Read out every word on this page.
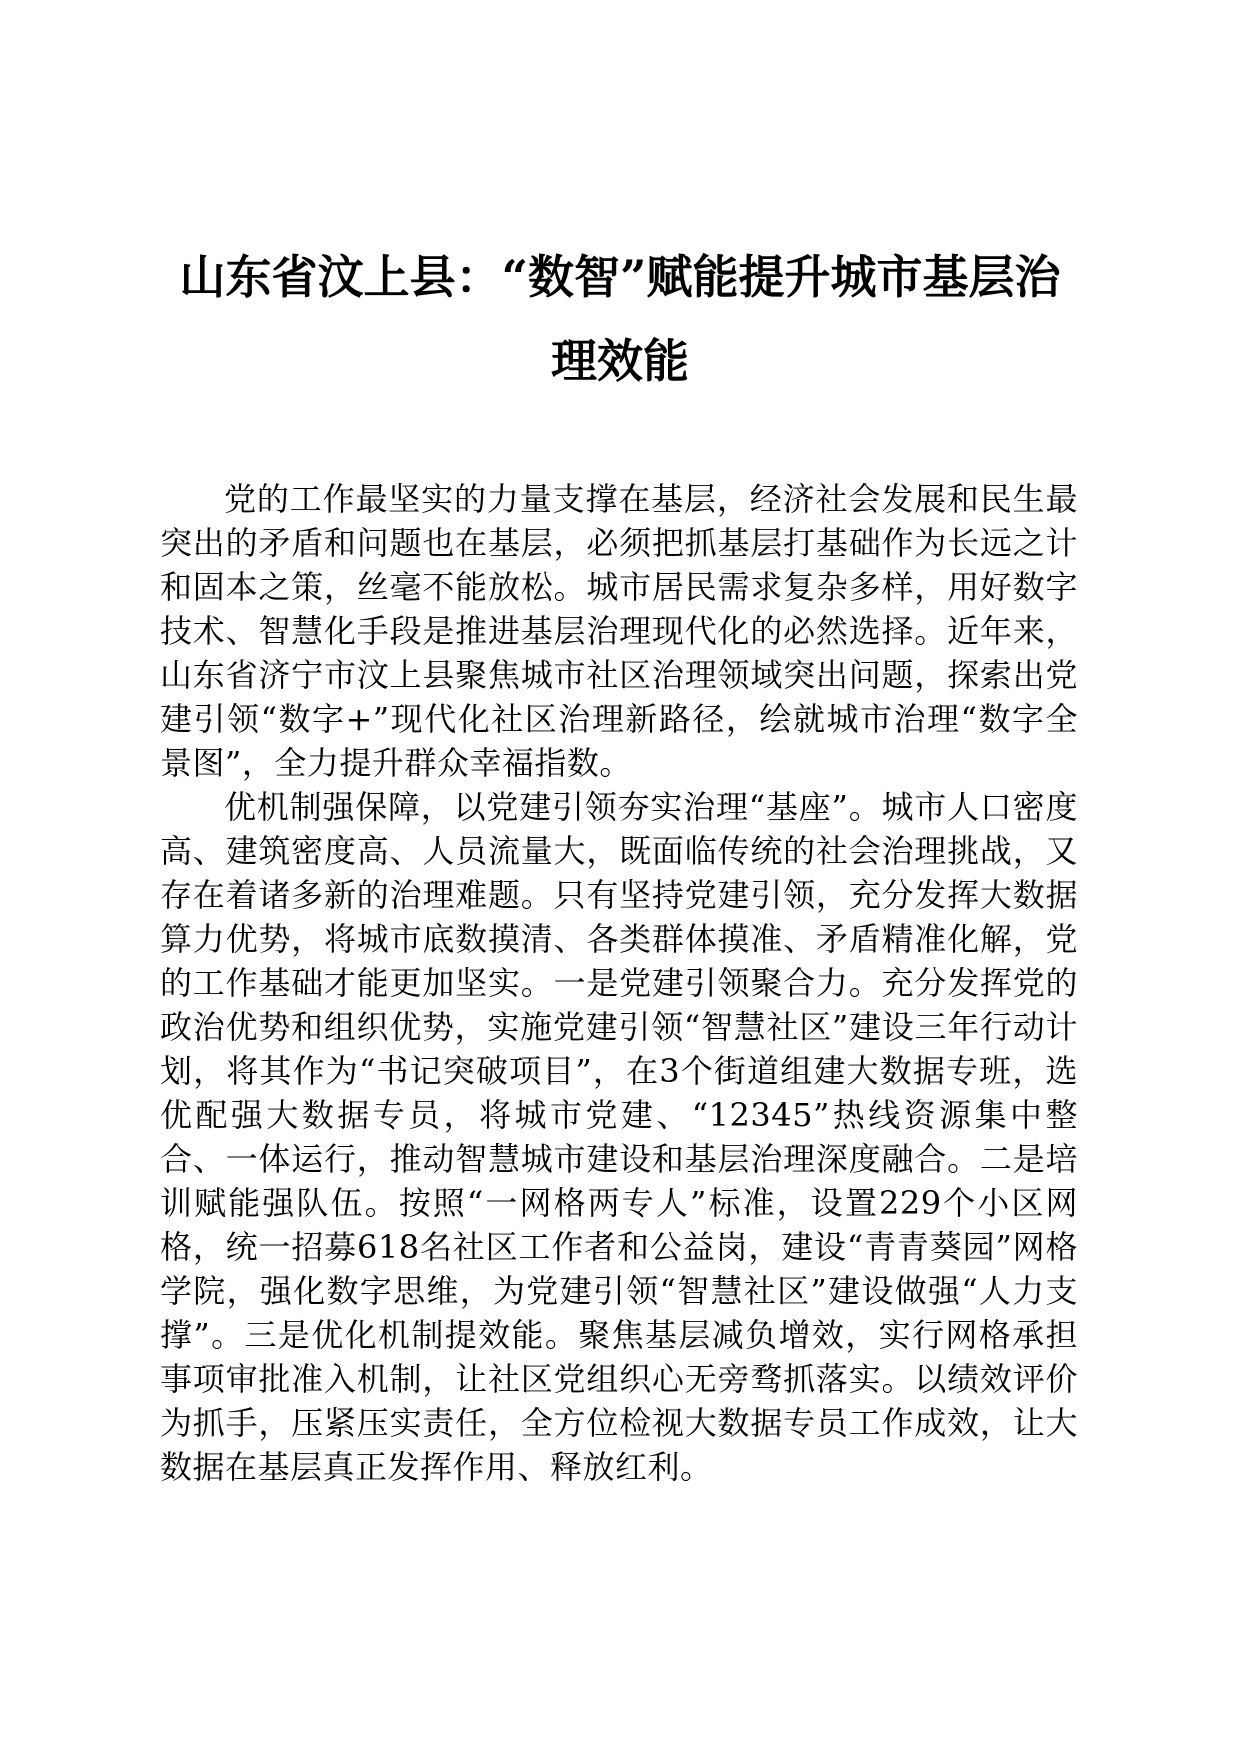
山东省汶上县：“数智”赋能提升城市基层治
理效能

党的工作最坚实的力量支撑在基层，经济社会发展和民生最突出的矛盾和问题也在基层，必须把抓基层打基础作为长远之计和固本之策，丝毫不能放松。城市居民需求复杂多样，用好数字技术、智慧化手段是推进基层治理现代化的必然选择。近年来，山东省济宁市汶上县聚焦城市社区治理领域突出问题，探索出党建引领“数字+”现代化社区治理新路径，绘就城市治理“数字全景图”，全力提升群众幸福指数。

优机制强保障，以党建引领夯实治理“基座”。城市人口密度高、建筑密度高、人员流量大，既面临传统的社会治理挑战，又存在着诸多新的治理难题。只有坚持党建引领，充分发挥大数据算力优势，将城市底数摸清、各类群体摸准、矛盾精准化解，党的工作基础才能更加坚实。一是党建引领聚合力。充分发挥党的政治优势和组织优势，实施党建引领“智慧社区”建设三年行动计划，将其作为“书记突破项目”，在3个街道组建大数据专班，选优配强大数据专员，将城市党建、“12345”热线资源集中整合、一体运行，推动智慧城市建设和基层治理深度融合。二是培训赋能强队伍。按照“一网格两专人”标准，设置229个小区网格，统一招募618名社区工作者和公益岗，建设“青青葵园”网格学院，强化数字思维，为党建引领“智慧社区”建设做强“人力支撑”。三是优化机制提效能。聚焦基层减负增效，实行网格承担事项审批准入机制，让社区党组织心无旁骛抓落实。以绩效评价为抓手，压紧压实责任，全方位检视大数据专员工作成效，让大数据在基层真正发挥作用、释放红利。
